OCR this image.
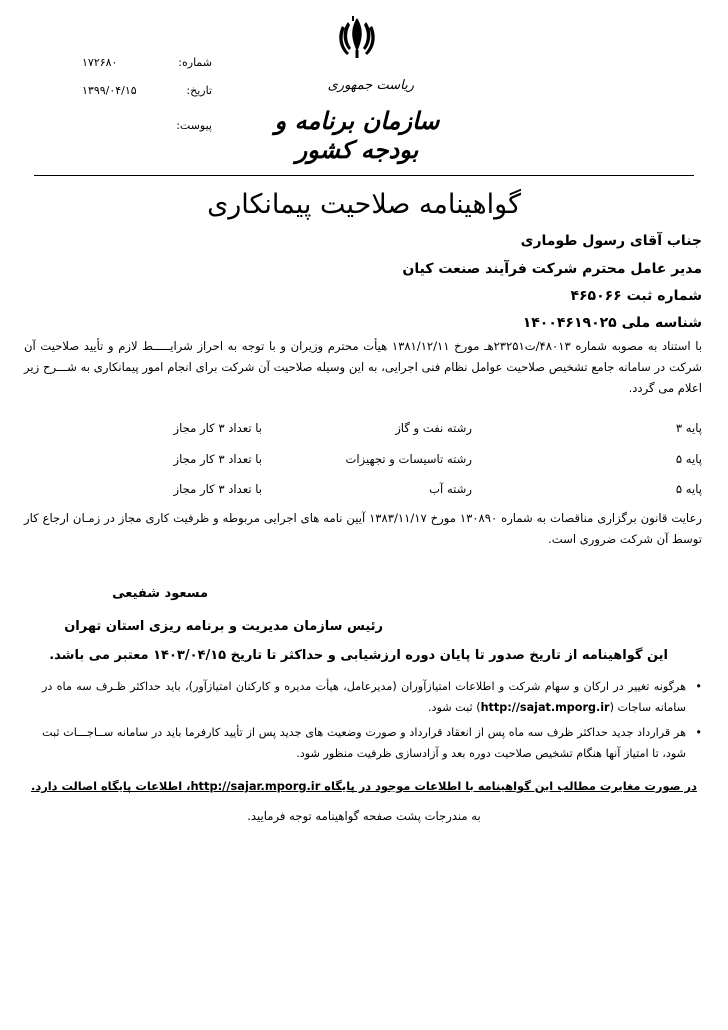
شماره:
۱۷۲۶۸۰
تاریخ:
۱۳۹۹/۰۴/۱۵
پیوست:
ریاست جمهوری
سازمان برنامه و بودجه کشور
گواهینامه صلاحیت پیمانکاری
جناب آقای رسول طوماری
مدیر عامل محترم شرکت فرآیند صنعت کیان
شماره ثبت ۴۶۵۰۶۶
شناسه ملی ۱۴۰۰۴۶۱۹۰۲۵
با استناد به مصوبه شماره ۴۸۰۱۳/ت۲۳۲۵۱هـ مورخ ۱۳۸۱/۱۲/۱۱ هیأت محترم وزیران و با توجه به احراز شرایـــــط لازم و تأیید صلاحیت آن شرکت در سامانه جامع تشخیص صلاحیت عوامل نظام فنی اجرایی، به این وسیله صلاحیت آن شرکت برای انجام امور پیمانکاری به شـــرح زیر اعلام می گردد.
پایه ۳
رشته نفت و گاز
با تعداد ۳ کار مجاز
پایه ۵
رشته تاسیسات و تجهیزات
با تعداد ۳ کار مجاز
پایه ۵
رشته آب
با تعداد ۳ کار مجاز
رعایت قانون برگزاری مناقصات به شماره ۱۳۰۸۹۰ مورخ ۱۳۸۳/۱۱/۱۷ آیین نامه های اجرایی مربوطه و ظرفیت کاری مجاز در زمـان ارجاع کار توسط آن شرکت ضروری است.
مسعود شفیعی
رئیس سازمان مدیریت و برنامه ریزی استان تهران
این گواهینامه از تاریخ صدور تا پایان دوره ارزشیابی و حداکثر تا تاریخ ۱۴۰۳/۰۴/۱۵ معتبر می باشد.
•
هرگونه تغییر در ارکان و سهام شرکت و اطلاعات امتیازآوران (مدیرعامل، هیأت مدیره و کارکنان امتیازآور)، باید حداکثر ظـرف سه ماه در سامانه ساجات (http://sajat.mporg.ir) ثبت شود.
•
هر قرارداد جدید حداکثر ظرف سه ماه پس از انعقاد قرارداد و صورت وضعیت های جدید پس از تأیید کارفرما باید در سامانه ســاجـــات ثبت شود، تا امتیاز آنها هنگام تشخیص صلاحیت دوره بعد و آزادسازی ظرفیت منظور شود.
در صورت مغایرت مطالب این گواهینامه با اطلاعات موجود در پایگاه http://sajar.mporg.ir، اطلاعات پایگاه اصالت دارد.
به مندرجات پشت صفحه گواهینامه توجه فرمایید.
